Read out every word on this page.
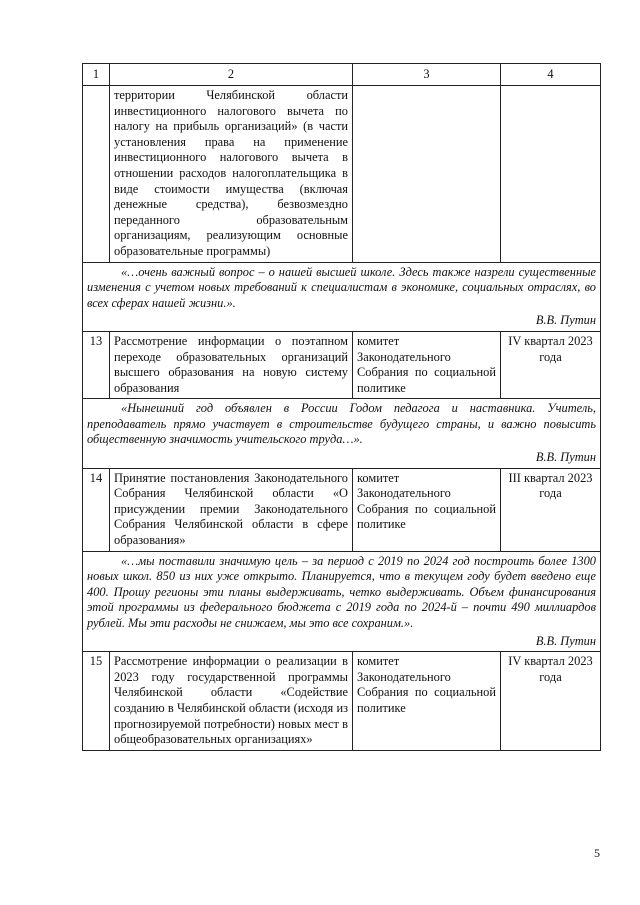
1	2	3	4
	территории Челябинской области инвестиционного налогового вычета по налогу на прибыль организаций» (в части установления права на применение инвестиционного налогового вычета в отношении расходов налогоплательщика в виде стоимости имущества (включая денежные средства), безвозмездно переданного образовательным организациям, реализующим основные образовательные программы)		

«…очень важный вопрос – о нашей высшей школе. Здесь также назрели существенные изменения с учетом новых требований к специалистам в экономике, социальных отраслях, во всех сферах нашей жизни.».
В.В. Путин			

13	Рассмотрение информации о поэтапном переходе образовательных организаций высшего образования на новую систему образования	комитет Законодательного Собрания по социальной политике	IV квартал 2023 года

«Нынешний год объявлен в России Годом педагога и наставника. Учитель, преподаватель прямо участвует в строительстве будущего страны, и важно повысить общественную значимость учительского труда…».
В.В. Путин			

14	Принятие постановления Законодательного Собрания Челябинской области «О присуждении премии Законодательного Собрания Челябинской области в сфере образования»	комитет Законодательного Собрания по социальной политике	III квартал 2023 года

«…мы поставили значимую цель – за период с 2019 по 2024 год построить более 1300 новых школ. 850 из них уже открыто. Планируется, что в текущем году будет введено еще 400. Прошу регионы эти планы выдерживать, четко выдерживать. Объем финансирования этой программы из федерального бюджета с 2019 года по 2024-й – почти 490 миллиардов рублей. Мы эти расходы не снижаем, мы это все сохраним.».
В.В. Путин			

15	Рассмотрение информации о реализации в 2023 году государственной программы Челябинской области «Содействие созданию в Челябинской области (исходя из прогнозируемой потребности) новых мест в общеобразовательных организациях»	комитет Законодательного Собрания по социальной политике	IV квартал 2023 года
5
